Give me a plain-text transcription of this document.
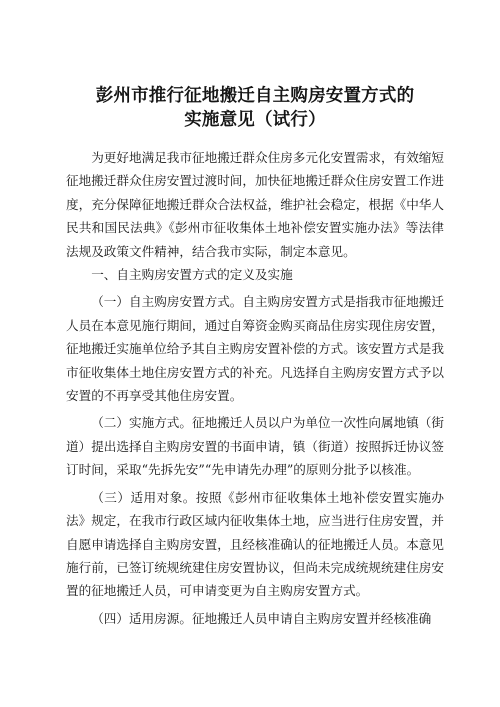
彭州市推行征地搬迁自主购房安置方式的
实施意见（试行）

为更好地满足我市征地搬迁群众住房多元化安置需求，有效缩短征地搬迁群众住房安置过渡时间，加快征地搬迁群众住房安置工作进度，充分保障征地搬迁群众合法权益，维护社会稳定，根据《中华人民共和国民法典》《彭州市征收集体土地补偿安置实施办法》等法律法规及政策文件精神，结合我市实际，制定本意见。

一、自主购房安置方式的定义及实施

（一）自主购房安置方式。自主购房安置方式是指我市征地搬迁人员在本意见施行期间，通过自筹资金购买商品住房实现住房安置，征地搬迁实施单位给予其自主购房安置补偿的方式。该安置方式是我市征收集体土地住房安置方式的补充。凡选择自主购房安置方式予以安置的不再享受其他住房安置。

（二）实施方式。征地搬迁人员以户为单位一次性向属地镇（街道）提出选择自主购房安置的书面申请，镇（街道）按照拆迁协议签订时间，采取“先拆先安”“先申请先办理”的原则分批予以核准。

（三）适用对象。按照《彭州市征收集体土地补偿安置实施办法》规定，在我市行政区域内征收集体土地，应当进行住房安置，并自愿申请选择自主购房安置，且经核准确认的征地搬迁人员。本意见施行前，已签订统规统建住房安置协议，但尚未完成统规统建住房安置的征地搬迁人员，可申请变更为自主购房安置方式。

（四）适用房源。征地搬迁人员申请自主购房安置并经核准确
